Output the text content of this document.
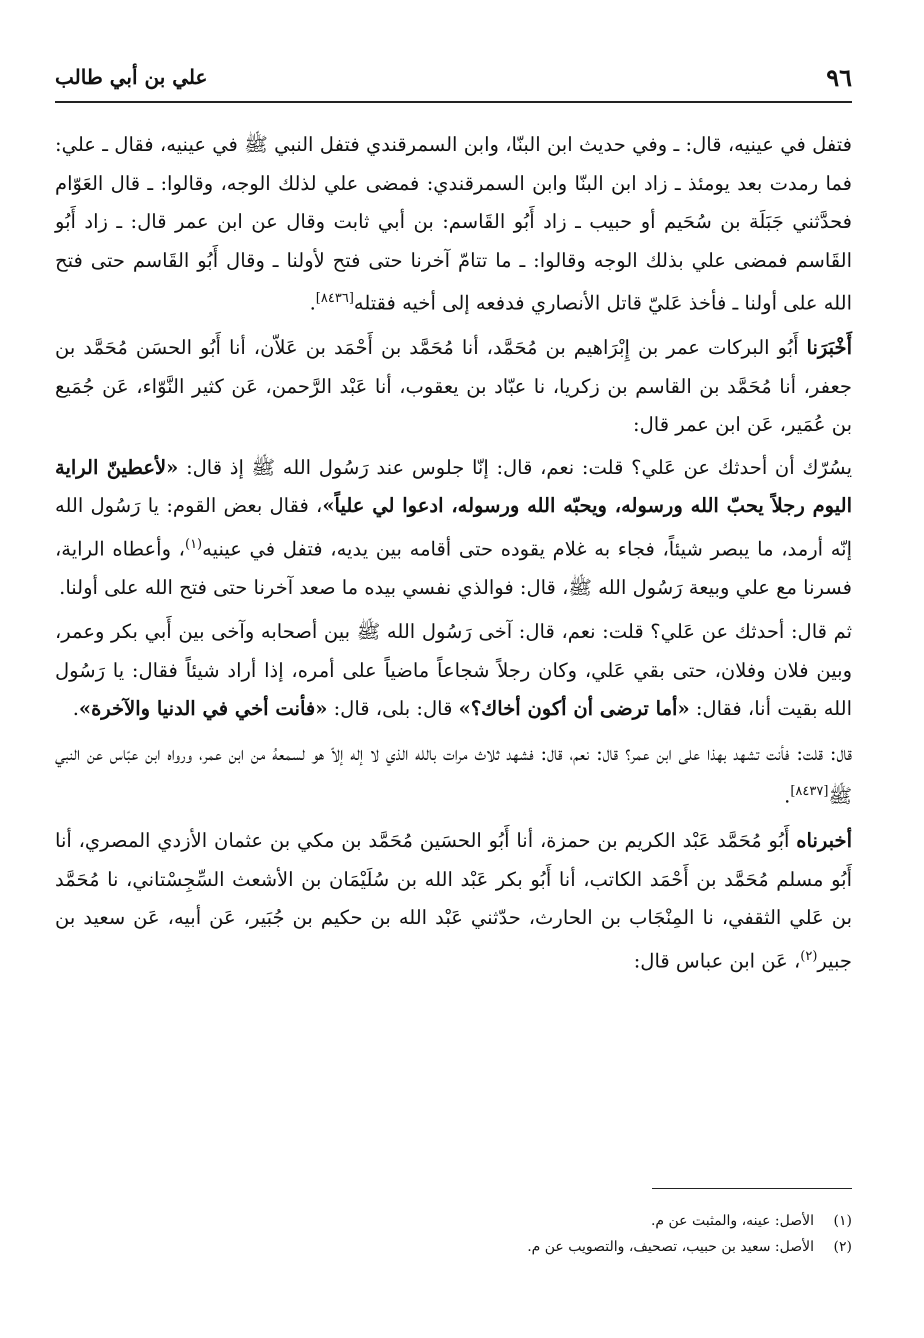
٩٦
علي بن أبي طالب

فتفل في عينيه، قال: ـ وفي حديث ابن البنّا، وابن السمرقندي فتفل النبي ﷺ في عينيه، فقال ـ علي: فما رمدت بعد يومئذ ـ زاد ابن البنّا وابن السمرقندي: فمضى علي لذلك الوجه، وقالوا: ـ قال العَوّام فحدَّثني جَبَلَة بن سُحَيم أو حبيب ـ زاد أَبُو القَاسم: بن أبي ثابت وقال عن ابن عمر قال: ـ زاد أَبُو القَاسم فمضى علي بذلك الوجه وقالوا: ـ ما تتامّ آخرنا حتى فتح لأولنا ـ وقال أَبُو القَاسم حتى فتح الله على أولنا ـ فأخذ عَليّ قاتل الأنصاري فدفعه إلى أخيه فقتله[٨٤٣٦].

أَخْبَرَنا أَبُو البركات عمر بن إِبْرَاهيم بن مُحَمَّد، أنا مُحَمَّد بن أَحْمَد بن عَلاّن، أنا أَبُو الحسَن مُحَمَّد بن جعفر، أنا مُحَمَّد بن القاسم بن زكريا، نا عبّاد بن يعقوب، أنا عَبْد الرَّحمن، عَن كثير النَّوّاء، عَن جُمَيع بن عُمَير، عَن ابن عمر قال:

يسُرّك أن أحدثك عن عَلي؟ قلت: نعم، قال: إنّا جلوس عند رَسُول الله ﷺ إذ قال: «لأعطينّ الراية اليوم رجلاً يحبّ الله ورسوله، ويحبّه الله ورسوله، ادعوا لي علياً»، فقال بعض القوم: يا رَسُول الله إنّه أرمد، ما يبصر شيئاً، فجاء به غلام يقوده حتى أقامه بين يديه، فتفل في عينيه$^{(١)}$، وأعطاه الراية، فسرنا مع علي وبيعة رَسُول الله ﷺ، قال: فوالذي نفسي بيده ما صعد آخرنا حتى فتح الله على أولنا.

ثم قال: أحدثك عن عَلي؟ قلت: نعم، قال: آخى رَسُول الله ﷺ بين أصحابه وآخى بين أَبي بكر وعمر، وبين فلان وفلان، حتى بقي عَلي، وكان رجلاً شجاعاً ماضياً على أمره، إذا أراد شيئاً فقال: يا رَسُول الله بقيت أنا، فقال: «أما ترضى أن أكون أخاك؟» قال: بلى، قال: «فأنت أخي في الدنيا والآخرة».

قال: قلت: فأنت تشهد بهذا على ابن عمر؟ قال: نعم، قال: فشهد ثلاث مرات بالله الذي لا إله إلاّ هو لسمعهُ من ابن عمر، ورواه ابن عبّاس عن النبي ﷺ[٨٤٣٧].

أخبرناه أَبُو مُحَمَّد عَبْد الكريم بن حمزة، أنا أَبُو الحسَين مُحَمَّد بن مكي بن عثمان الأزدي المصري، أنا أَبُو مسلم مُحَمَّد بن أَحْمَد الكاتب، أنا أَبُو بكر عَبْد الله بن سُلَيْمَان بن الأشعث السِّجِسْتاني، نا مُحَمَّد بن عَلي الثقفي، نا المِنْجَاب بن الحارث، حدّثني عَبْد الله بن حكيم بن جُبَير، عَن أبيه، عَن سعيد بن جبير$^{(٢)}$، عَن ابن عباس قال:

(١)الأصل: عينه، والمثبت عن م.

(٢)الأصل: سعيد بن حبيب، تصحيف، والتصويب عن م.
